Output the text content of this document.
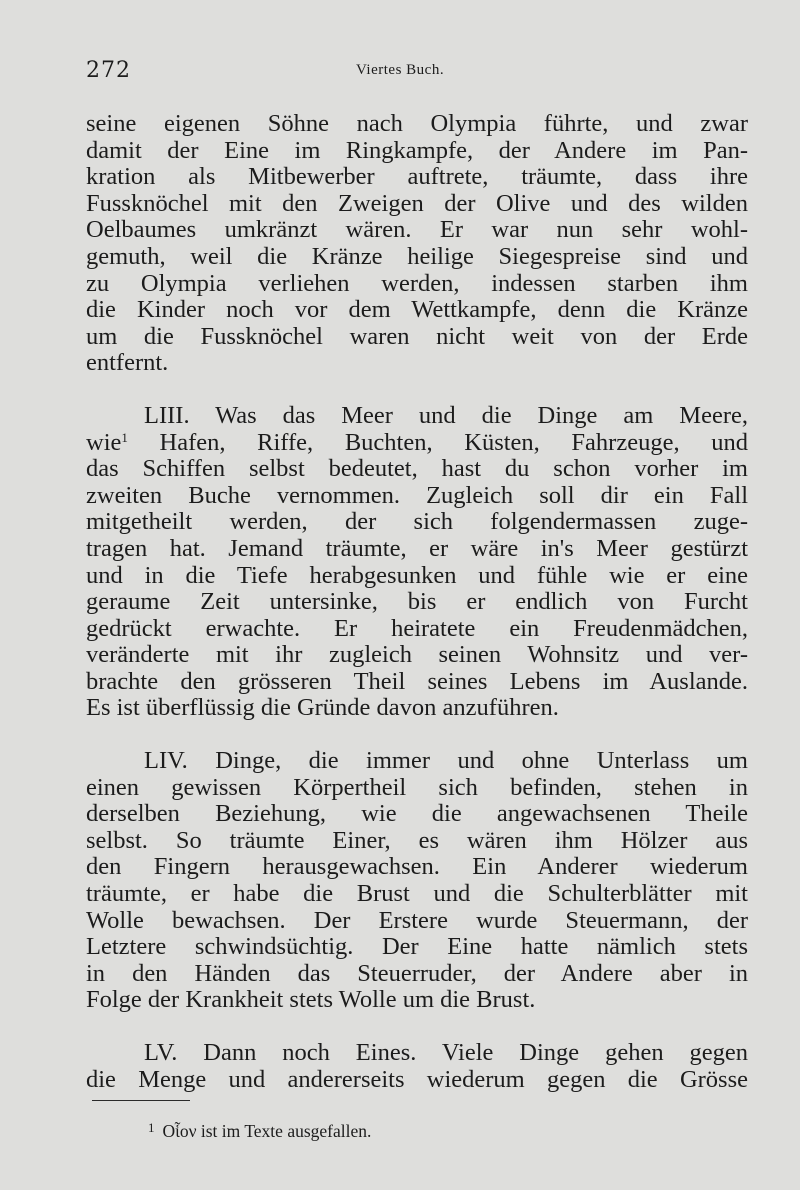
272	Viertes Buch.
seine eigenen Söhne nach Olympia führte, und zwar
damit der Eine im Ringkampfe, der Andere im Pan-
kration als Mitbewerber auftrete, träumte, dass ihre
Fussknöchel mit den Zweigen der Olive und des wilden
Oelbaumes umkränzt wären. Er war nun sehr wohl-
gemuth, weil die Kränze heilige Siegespreise sind und
zu Olympia verliehen werden, indessen starben ihm
die Kinder noch vor dem Wettkampfe, denn die Kränze
um die Fussknöchel waren nicht weit von der Erde
entfernt.
LIII. Was das Meer und die Dinge am Meere,
wie$^1$ Hafen, Riffe, Buchten, Küsten, Fahrzeuge, und
das Schiffen selbst bedeutet, hast du schon vorher im
zweiten Buche vernommen. Zugleich soll dir ein Fall
mitgetheilt werden, der sich folgendermassen zuge-
tragen hat. Jemand träumte, er wäre in's Meer gestürzt
und in die Tiefe herabgesunken und fühle wie er eine
geraume Zeit untersinke, bis er endlich von Furcht
gedrückt erwachte. Er heiratete ein Freudenmädchen,
veränderte mit ihr zugleich seinen Wohnsitz und ver-
brachte den grösseren Theil seines Lebens im Auslande.
Es ist überflüssig die Gründe davon anzuführen.
LIV. Dinge, die immer und ohne Unterlass um
einen gewissen Körpertheil sich befinden, stehen in
derselben Beziehung, wie die angewachsenen Theile
selbst. So träumte Einer, es wären ihm Hölzer aus
den Fingern herausgewachsen. Ein Anderer wiederum
träumte, er habe die Brust und die Schulterblätter mit
Wolle bewachsen. Der Erstere wurde Steuermann, der
Letztere schwindsüchtig. Der Eine hatte nämlich stets
in den Händen das Steuerruder, der Andere aber in
Folge der Krankheit stets Wolle um die Brust.
LV. Dann noch Eines. Viele Dinge gehen gegen
die Menge und andererseits wiederum gegen die Grösse
$^1$ Οἷον ist im Texte ausgefallen.
